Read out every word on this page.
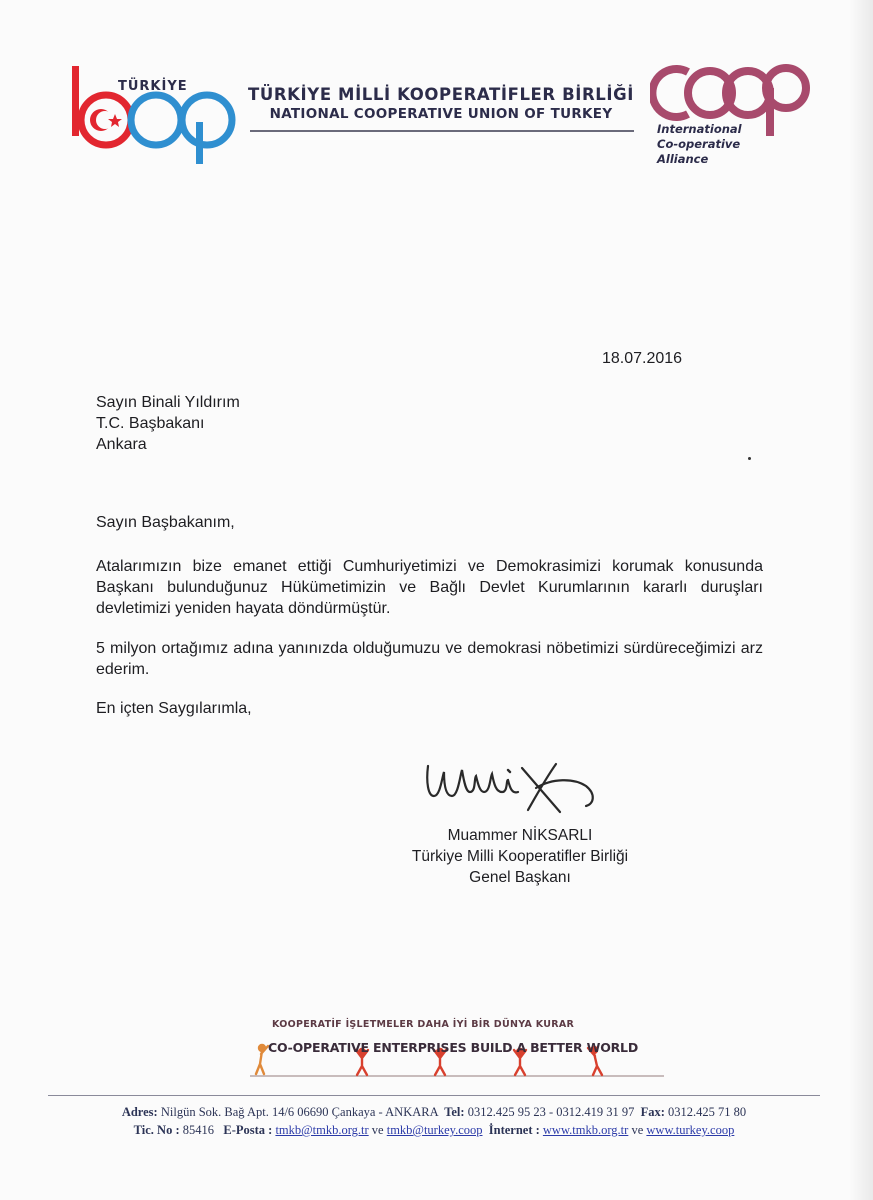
TÜRKİYE	TÜRKİYE MİLLİ KOOPERATİFLER BİRLİĞİ
NATIONAL COOPERATIVE UNION OF TURKEY
International
Co-operative
Alliance
18.07.2016
Sayın Binali Yıldırım
T.C. Başbakanı
Ankara
Sayın Başbakanım,
Atalarımızın bize emanet ettiği Cumhuriyetimizi ve Demokrasimizi korumak konusunda Başkanı bulunduğunuz Hükümetimizin ve Bağlı Devlet Kurumlarının kararlı duruşları devletimizi yeniden hayata döndürmüştür.
5 milyon ortağımız adına yanınızda olduğumuzu ve demokrasi nöbetimizi sürdüreceğimizi arz ederim.
En içten Saygılarımla,
Muammer NİKSARLI
Türkiye Milli Kooperatifler Birliği
Genel Başkanı
KOOPERATİF İŞLETMELER DAHA İYİ BİR DÜNYA KURAR
CO-OPERATIVE ENTERPRISES BUILD A BETTER WORLD
Adres: Nilgün Sok. Bağ Apt. 14/6 06690 Çankaya - ANKARA Tel: 0312.425 95 23 - 0312.419 31 97 Fax: 0312.425 71 80
Tic. No : 85416 E-Posta : tmkb@tmkb.org.tr ve tmkb@turkey.coop İnternet : www.tmkb.org.tr ve www.turkey.coop
